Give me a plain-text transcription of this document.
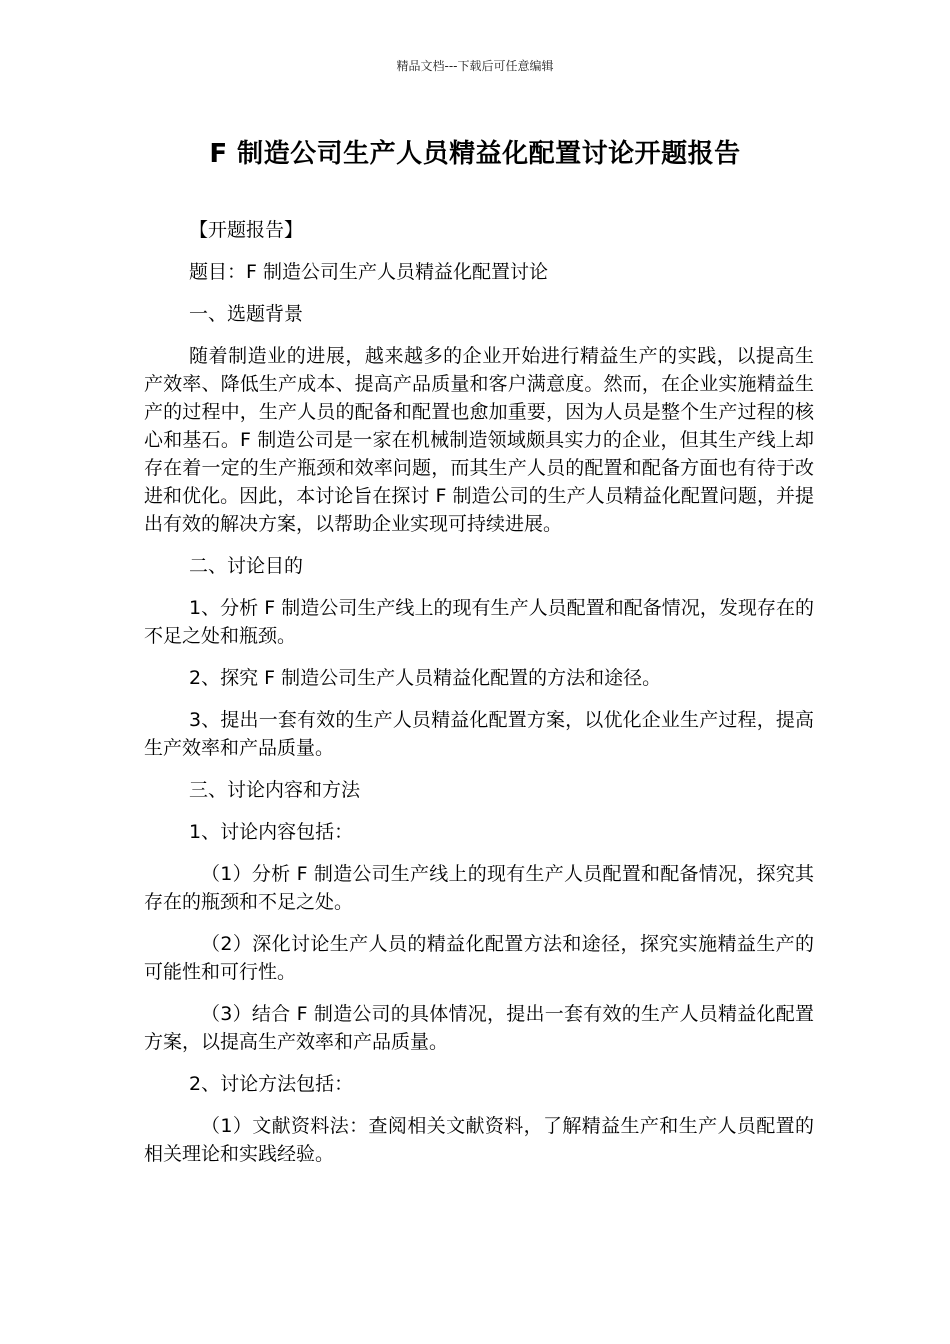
精品文档---下载后可任意编辑
F 制造公司生产人员精益化配置讨论开题报告

【开题报告】

题目：F 制造公司生产人员精益化配置讨论

一、选题背景

随着制造业的进展，越来越多的企业开始进行精益生产的实践，以提高生产效率、降低生产成本、提高产品质量和客户满意度。然而，在企业实施精益生产的过程中，生产人员的配备和配置也愈加重要，因为人员是整个生产过程的核心和基石。F 制造公司是一家在机械制造领域颇具实力的企业，但其生产线上却存在着一定的生产瓶颈和效率问题，而其生产人员的配置和配备方面也有待于改进和优化。因此，本讨论旨在探讨 F 制造公司的生产人员精益化配置问题，并提出有效的解决方案，以帮助企业实现可持续进展。

二、讨论目的

1、分析 F 制造公司生产线上的现有生产人员配置和配备情况，发现存在的不足之处和瓶颈。

2、探究 F 制造公司生产人员精益化配置的方法和途径。

3、提出一套有效的生产人员精益化配置方案，以优化企业生产过程，提高生产效率和产品质量。

三、讨论内容和方法

1、讨论内容包括：

（1）分析 F 制造公司生产线上的现有生产人员配置和配备情况，探究其存在的瓶颈和不足之处。

（2）深化讨论生产人员的精益化配置方法和途径，探究实施精益生产的可能性和可行性。

（3）结合 F 制造公司的具体情况，提出一套有效的生产人员精益化配置方案，以提高生产效率和产品质量。

2、讨论方法包括：

（1）文献资料法：查阅相关文献资料，了解精益生产和生产人员配置的相关理论和实践经验。
